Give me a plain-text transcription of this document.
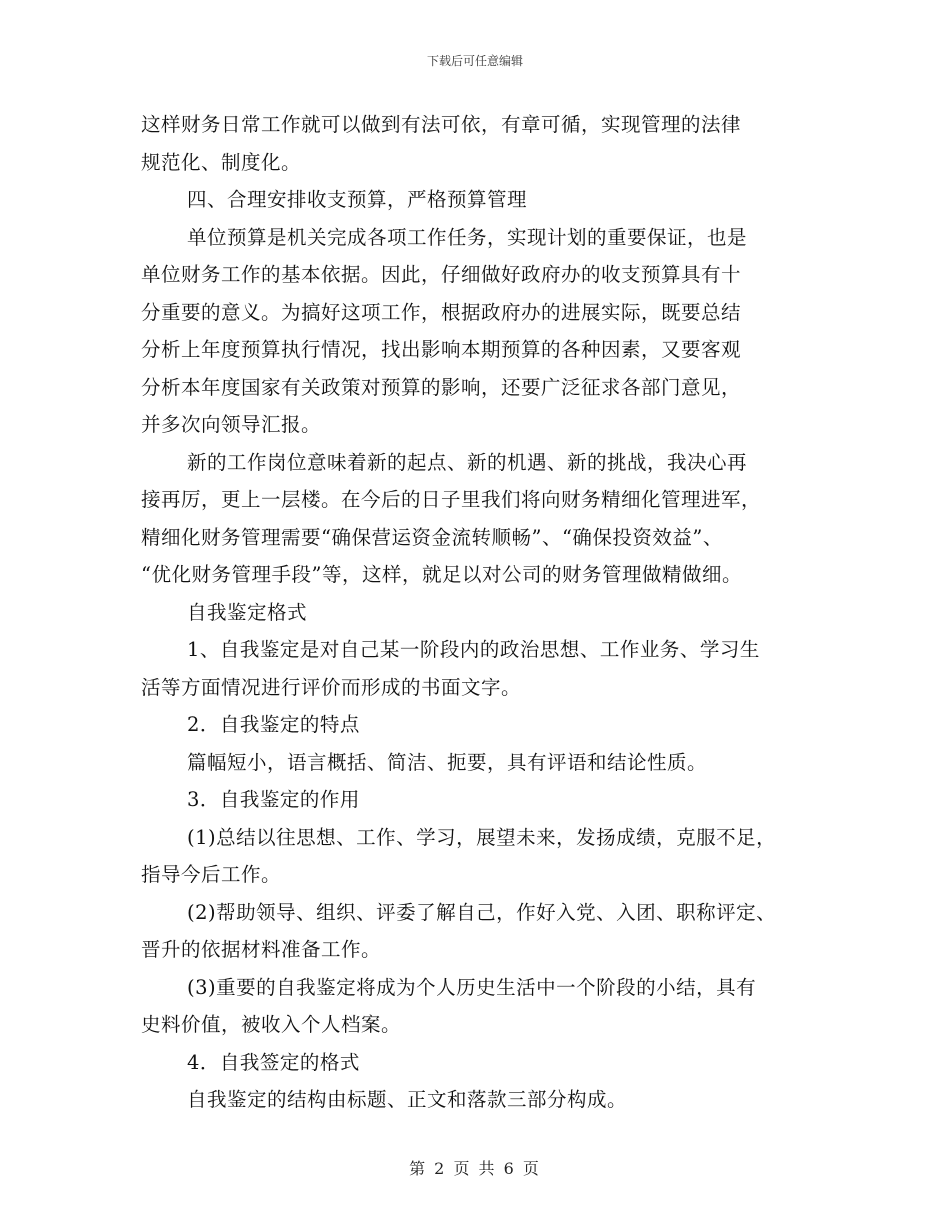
下载后可任意编辑
这样财务日常工作就可以做到有法可依，有章可循，实现管理的法律
规范化、制度化。
四、合理安排收支预算，严格预算管理
单位预算是机关完成各项工作任务，实现计划的重要保证，也是
单位财务工作的基本依据。因此，仔细做好政府办的收支预算具有十
分重要的意义。为搞好这项工作，根据政府办的进展实际，既要总结
分析上年度预算执行情况，找出影响本期预算的各种因素，又要客观
分析本年度国家有关政策对预算的影响，还要广泛征求各部门意见，
并多次向领导汇报。
新的工作岗位意味着新的起点、新的机遇、新的挑战，我决心再
接再厉，更上一层楼。在今后的日子里我们将向财务精细化管理进军，
精细化财务管理需要“确保营运资金流转顺畅”、“确保投资效益”、
“优化财务管理手段”等，这样，就足以对公司的财务管理做精做细。
自我鉴定格式
1、自我鉴定是对自己某一阶段内的政治思想、工作业务、学习生
活等方面情况进行评价而形成的书面文字。
2．自我鉴定的特点
篇幅短小，语言概括、简洁、扼要，具有评语和结论性质。
3．自我鉴定的作用
(1)总结以往思想、工作、学习，展望未来，发扬成绩，克服不足，
指导今后工作。
(2)帮助领导、组织、评委了解自己，作好入党、入团、职称评定、
晋升的依据材料准备工作。
(3)重要的自我鉴定将成为个人历史生活中一个阶段的小结，具有
史料价值，被收入个人档案。
4．自我签定的格式
自我鉴定的结构由标题、正文和落款三部分构成。
第 2 页 共 6 页
